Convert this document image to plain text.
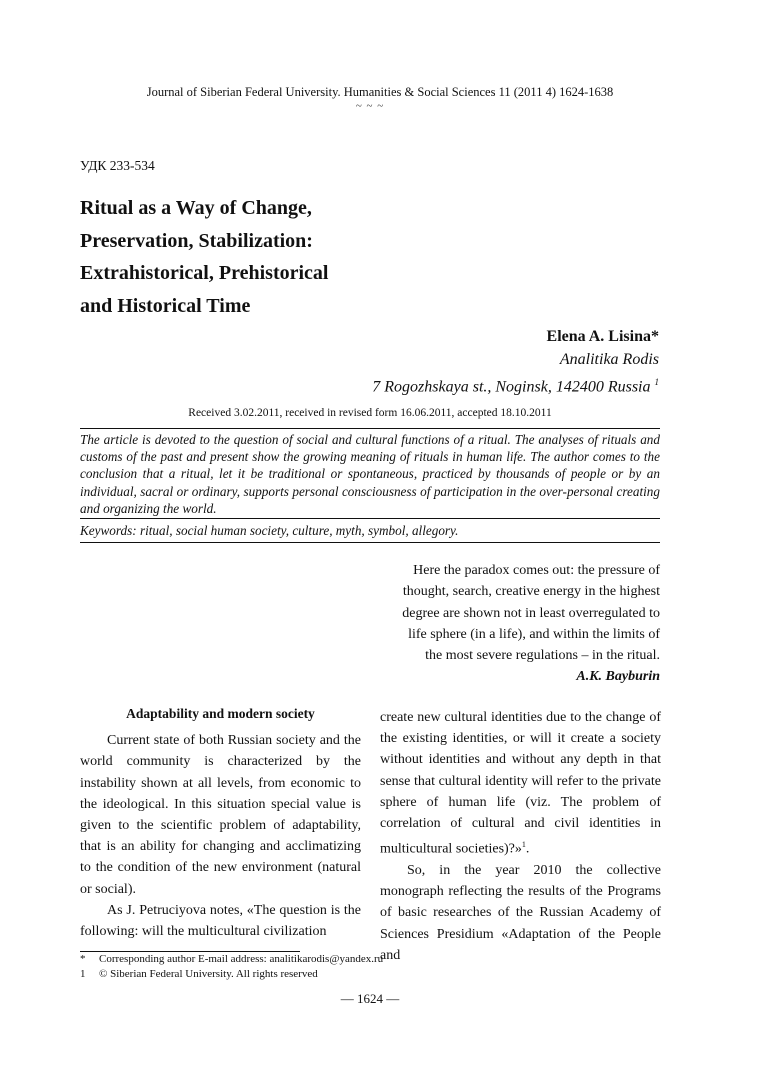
Journal of Siberian Federal University. Humanities & Social Sciences 11 (2011 4) 1624-1638
~ ~ ~
УДК 233-534
Ritual as a Way of Change,
Preservation, Stabilization:
Extrahistorical, Prehistorical
and Historical Time
Elena A. Lisina*
Analitika Rodis
7 Rogozhskaya st., Noginsk, 142400 Russia $^1$
Received 3.02.2011, received in revised form 16.06.2011, accepted 18.10.2011
The article is devoted to the question of social and cultural functions of a ritual. The analyses of rituals and customs of the past and present show the growing meaning of rituals in human life. The author comes to the conclusion that a ritual, let it be traditional or spontaneous, practiced by thousands of people or by an individual, sacral or ordinary, supports personal consciousness of participation in the over-personal creating and organizing the world.
Keywords: ritual, social human society, culture, myth, symbol, allegory.
Here the paradox comes out: the pressure of thought, search, creative energy in the highest degree are shown not in least overregulated to life sphere (in a life), and within the limits of the most severe regulations – in the ritual.
A.K. Bayburin

Adaptability and modern society

Current state of both Russian society and the world community is characterized by the instability shown at all levels, from economic to the ideological. In this situation special value is given to the scientific problem of adaptability, that is an ability for changing and acclimatizing to the condition of the new environment (natural or social).

As J. Petruciyova notes, «The question is the following: will the multicultural civilization

create new cultural identities due to the change of the existing identities, or will it create a society without identities and without any depth in that sense that cultural identity will refer to the private sphere of human life (viz. The problem of correlation of cultural and civil identities in multicultural societies)?»$^1$.

So, in the year 2010 the collective monograph reflecting the results of the Programs of basic researches of the Russian Academy of Sciences Presidium «Adaptation of the People and

*	Corresponding author E-mail address: analitikarodis@yandex.ru
1	© Siberian Federal University. All rights reserved
— 1624 —
